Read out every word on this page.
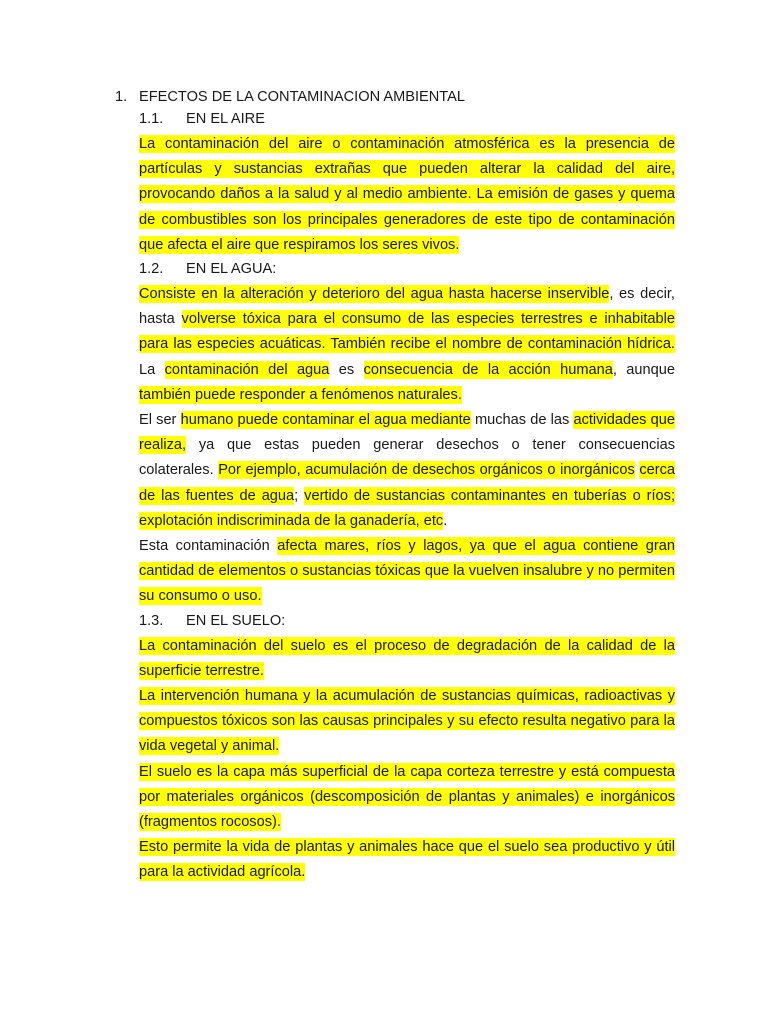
1. EFECTOS DE LA CONTAMINACION AMBIENTAL
1.1. EN EL AIRE

La contaminación del aire o contaminación atmosférica es la presencia de partículas y sustancias extrañas que pueden alterar la calidad del aire, provocando daños a la salud y al medio ambiente. La emisión de gases y quema de combustibles son los principales generadores de este tipo de contaminación que afecta el aire que respiramos los seres vivos.

1.2. EN EL AGUA:

Consiste en la alteración y deterioro del agua hasta hacerse inservible, es decir, hasta volverse tóxica para el consumo de las especies terrestres e inhabitable para las especies acuáticas. También recibe el nombre de contaminación hídrica. La contaminación del agua es consecuencia de la acción humana, aunque también puede responder a fenómenos naturales.

El ser humano puede contaminar el agua mediante muchas de las actividades que realiza, ya que estas pueden generar desechos o tener consecuencias colaterales. Por ejemplo, acumulación de desechos orgánicos o inorgánicos cerca de las fuentes de agua; vertido de sustancias contaminantes en tuberías o ríos; explotación indiscriminada de la ganadería, etc.

Esta contaminación afecta mares, ríos y lagos, ya que el agua contiene gran cantidad de elementos o sustancias tóxicas que la vuelven insalubre y no permiten su consumo o uso.

1.3. EN EL SUELO:

La contaminación del suelo es el proceso de degradación de la calidad de la superficie terrestre.

La intervención humana y la acumulación de sustancias químicas, radioactivas y compuestos tóxicos son las causas principales y su efecto resulta negativo para la vida vegetal y animal.

El suelo es la capa más superficial de la capa corteza terrestre y está compuesta por materiales orgánicos (descomposición de plantas y animales) e inorgánicos (fragmentos rocosos).

Esto permite la vida de plantas y animales hace que el suelo sea productivo y útil para la actividad agrícola.
